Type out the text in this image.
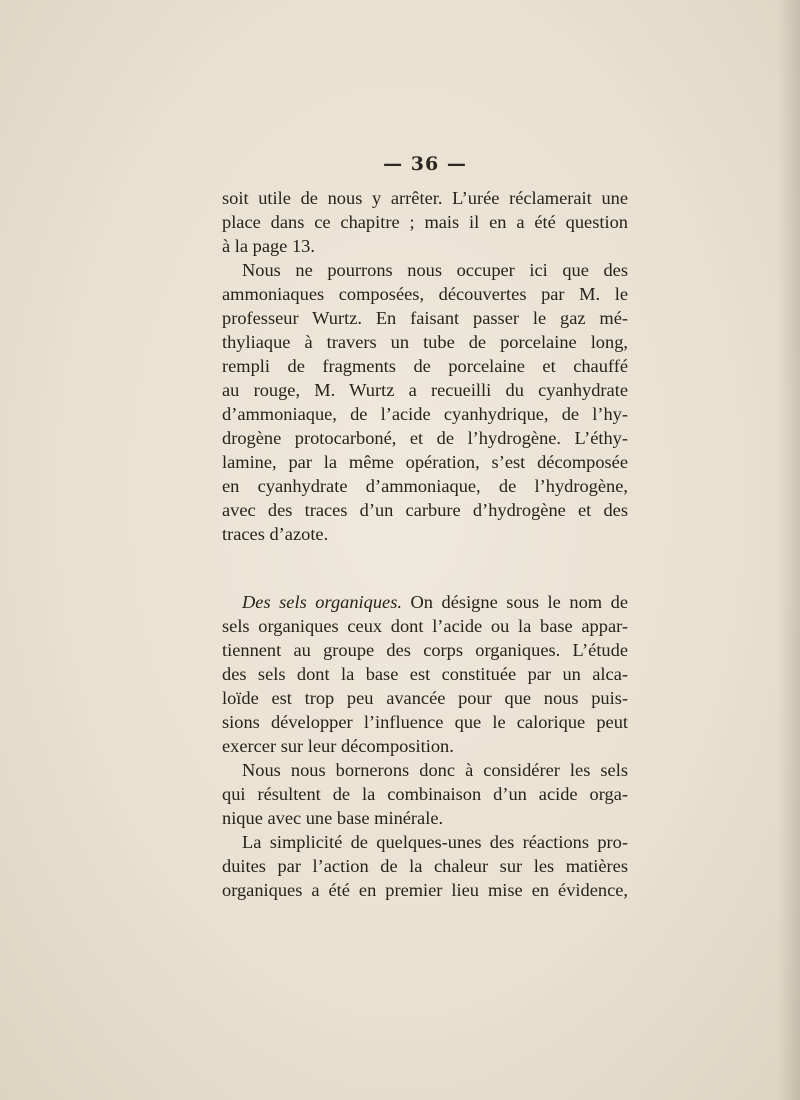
— 36 —
soit utile de nous y arrêter. L’urée réclamerait une
place dans ce chapitre ; mais il en a été question
à la page 13.
Nous ne pourrons nous occuper ici que des
ammoniaques composées, découvertes par M. le
professeur Wurtz. En faisant passer le gaz mé-
thyliaque à travers un tube de porcelaine long,
rempli de fragments de porcelaine et chauffé
au rouge, M. Wurtz a recueilli du cyanhydrate
d’ammoniaque, de l’acide cyanhydrique, de l’hy-
drogène protocarboné, et de l’hydrogène. L’éthy-
lamine, par la même opération, s’est décomposée
en cyanhydrate d’ammoniaque, de l’hydrogène,
avec des traces d’un carbure d’hydrogène et des
traces d’azote.
Des sels organiques. On désigne sous le nom de
sels organiques ceux dont l’acide ou la base appar-
tiennent au groupe des corps organiques. L’étude
des sels dont la base est constituée par un alca-
loïde est trop peu avancée pour que nous puis-
sions développer l’influence que le calorique peut
exercer sur leur décomposition.
Nous nous bornerons donc à considérer les sels
qui résultent de la combinaison d’un acide orga-
nique avec une base minérale.
La simplicité de quelques-unes des réactions pro-
duites par l’action de la chaleur sur les matières
organiques a été en premier lieu mise en évidence,
